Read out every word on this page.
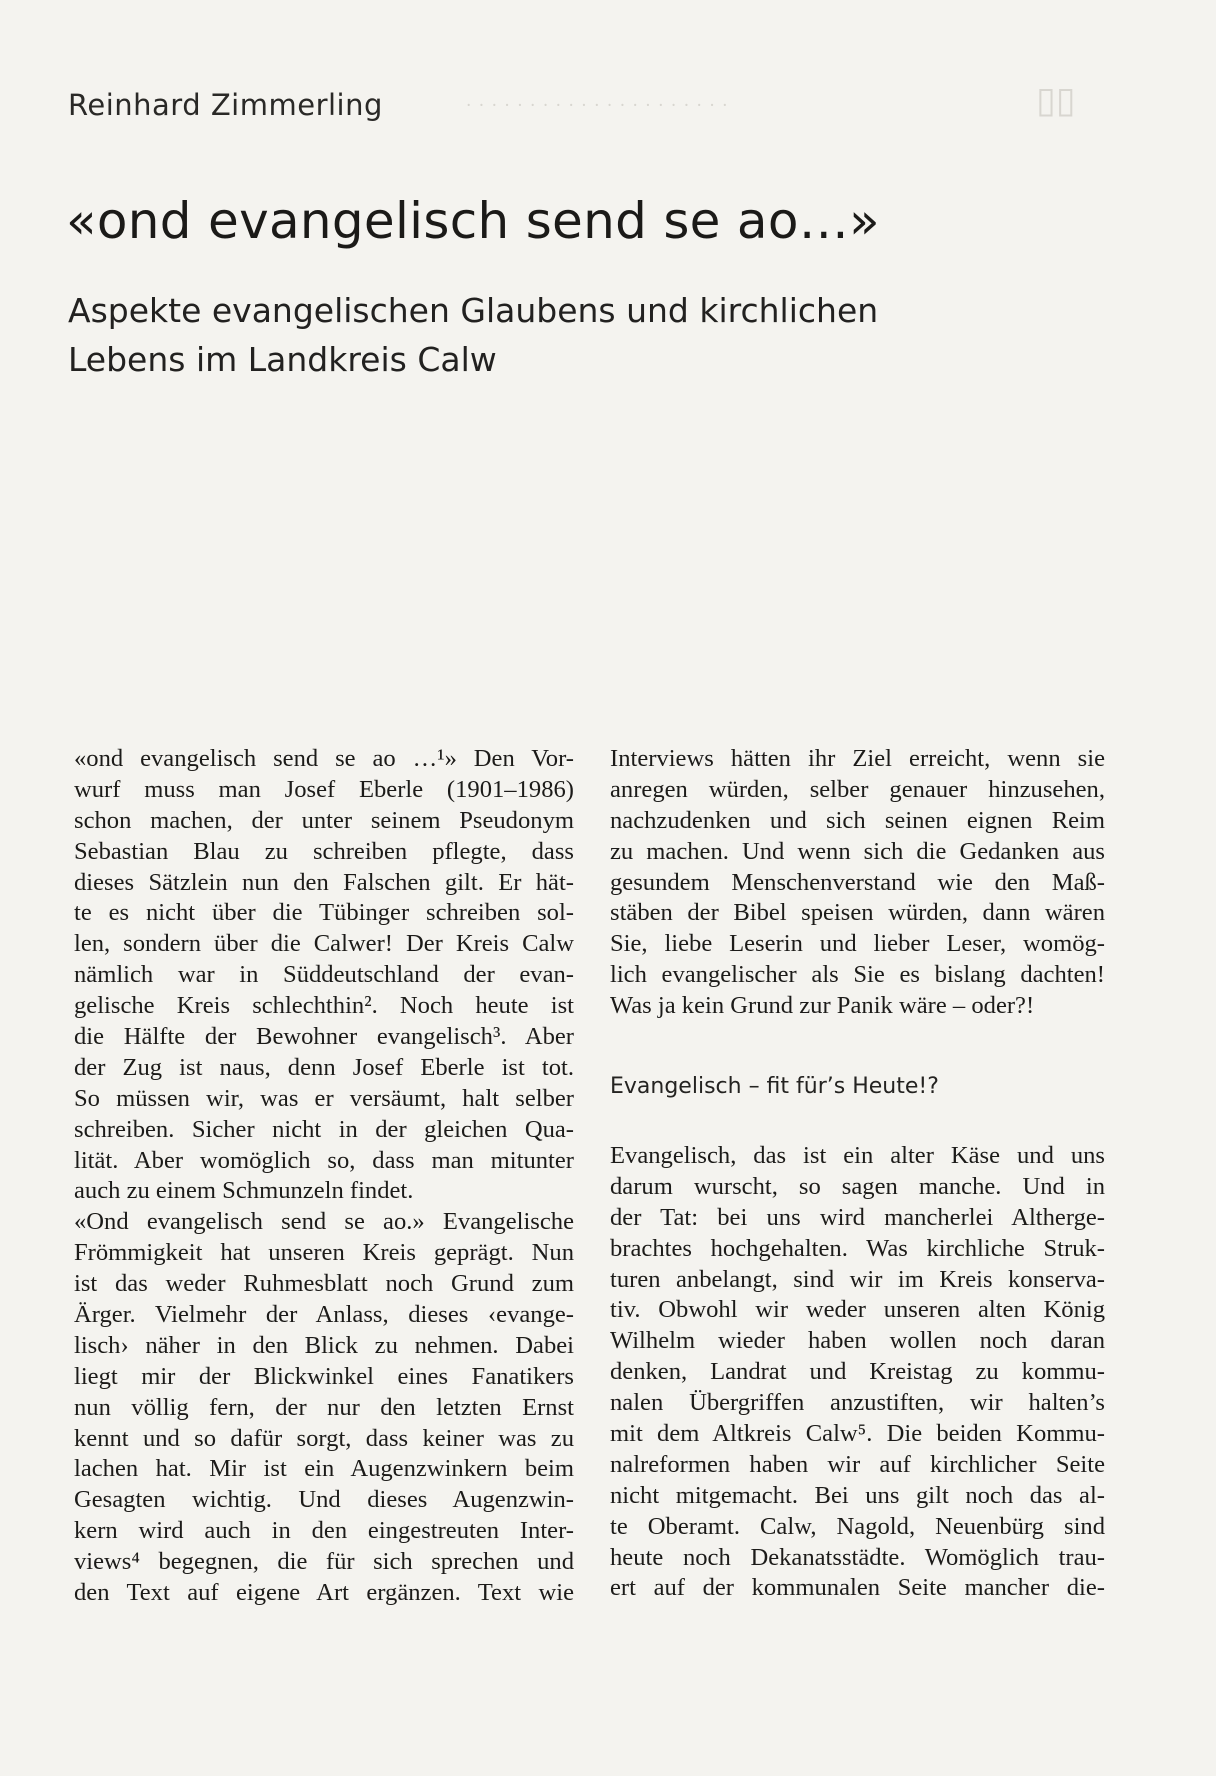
· · · · · · · · · · · · · · · · · · · · ·	▯▯
Reinhard Zimmerling
«ond evangelisch send se ao…»
Aspekte evangelischen Glaubens und kirchlichen
Lebens im Landkreis Calw
«ond evangelisch send se ao …¹» Den Vor-
wurf muss man Josef Eberle (1901–1986)
schon machen, der unter seinem Pseudonym
Sebastian Blau zu schreiben pflegte, dass
dieses Sätzlein nun den Falschen gilt. Er hät-
te es nicht über die Tübinger schreiben sol-
len, sondern über die Calwer! Der Kreis Calw
nämlich war in Süddeutschland der evan-
gelische Kreis schlechthin². Noch heute ist
die Hälfte der Bewohner evangelisch³. Aber
der Zug ist naus, denn Josef Eberle ist tot.
So müssen wir, was er versäumt, halt selber
schreiben. Sicher nicht in der gleichen Qua-
lität. Aber womöglich so, dass man mitunter
auch zu einem Schmunzeln findet.
«Ond evangelisch send se ao.» Evangelische
Frömmigkeit hat unseren Kreis geprägt. Nun
ist das weder Ruhmesblatt noch Grund zum
Ärger. Vielmehr der Anlass, dieses ‹evange-
lisch› näher in den Blick zu nehmen. Dabei
liegt mir der Blickwinkel eines Fanatikers
nun völlig fern, der nur den letzten Ernst
kennt und so dafür sorgt, dass keiner was zu
lachen hat. Mir ist ein Augenzwinkern beim
Gesagten wichtig. Und dieses Augenzwin-
kern wird auch in den eingestreuten Inter-
views⁴ begegnen, die für sich sprechen und
den Text auf eigene Art ergänzen. Text wie
Interviews hätten ihr Ziel erreicht, wenn sie
anregen würden, selber genauer hinzusehen,
nachzudenken und sich seinen eignen Reim
zu machen. Und wenn sich die Gedanken aus
gesundem Menschenverstand wie den Maß-
stäben der Bibel speisen würden, dann wären
Sie, liebe Leserin und lieber Leser, womög-
lich evangelischer als Sie es bislang dachten!
Was ja kein Grund zur Panik wäre – oder?!
Evangelisch – fit für’s Heute!?
Evangelisch, das ist ein alter Käse und uns
darum wurscht, so sagen manche. Und in
der Tat: bei uns wird mancherlei Altherge-
brachtes hochgehalten. Was kirchliche Struk-
turen anbelangt, sind wir im Kreis konserva-
tiv. Obwohl wir weder unseren alten König
Wilhelm wieder haben wollen noch daran
denken, Landrat und Kreistag zu kommu-
nalen Übergriffen anzustiften, wir halten’s
mit dem Altkreis Calw⁵. Die beiden Kommu-
nalreformen haben wir auf kirchlicher Seite
nicht mitgemacht. Bei uns gilt noch das al-
te Oberamt. Calw, Nagold, Neuenbürg sind
heute noch Dekanatsstädte. Womöglich trau-
ert auf der kommunalen Seite mancher die-
